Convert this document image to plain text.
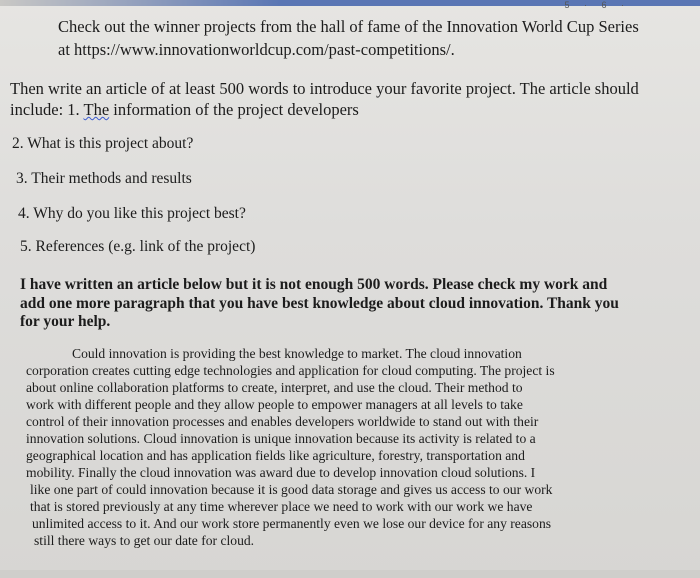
5 · 6 ·
Check out the winner projects from the hall of fame of the Innovation World Cup Series
at https://www.innovationworldcup.com/past-competitions/.
Then write an article of at least 500 words to introduce your favorite project. The article should
include: 1. The information of the project developers
2. What is this project about?
3. Their methods and results
4. Why do you like this project best?
5. References (e.g. link of the project)
I have written an article below but it is not enough 500 words. Please check my work and
add one more paragraph that you have best knowledge about cloud innovation. Thank you
for your help.
Could innovation is providing the best knowledge to market. The cloud innovation
corporation creates cutting edge technologies and application for cloud computing. The project is
about online collaboration platforms to create, interpret, and use the cloud. Their method to
work with different people and they allow people to empower managers at all levels to take
control of their innovation processes and enables developers worldwide to stand out with their
innovation solutions. Cloud innovation is unique innovation because its activity is related to a
geographical location and has application fields like agriculture, forestry, transportation and
mobility. Finally the cloud innovation was award due to develop innovation cloud solutions. I
like one part of could innovation because it is good data storage and gives us access to our work
that is stored previously at any time wherever place we need to work with our work we have
unlimited access to it. And our work store permanently even we lose our device for any reasons
still there ways to get our date for cloud.
